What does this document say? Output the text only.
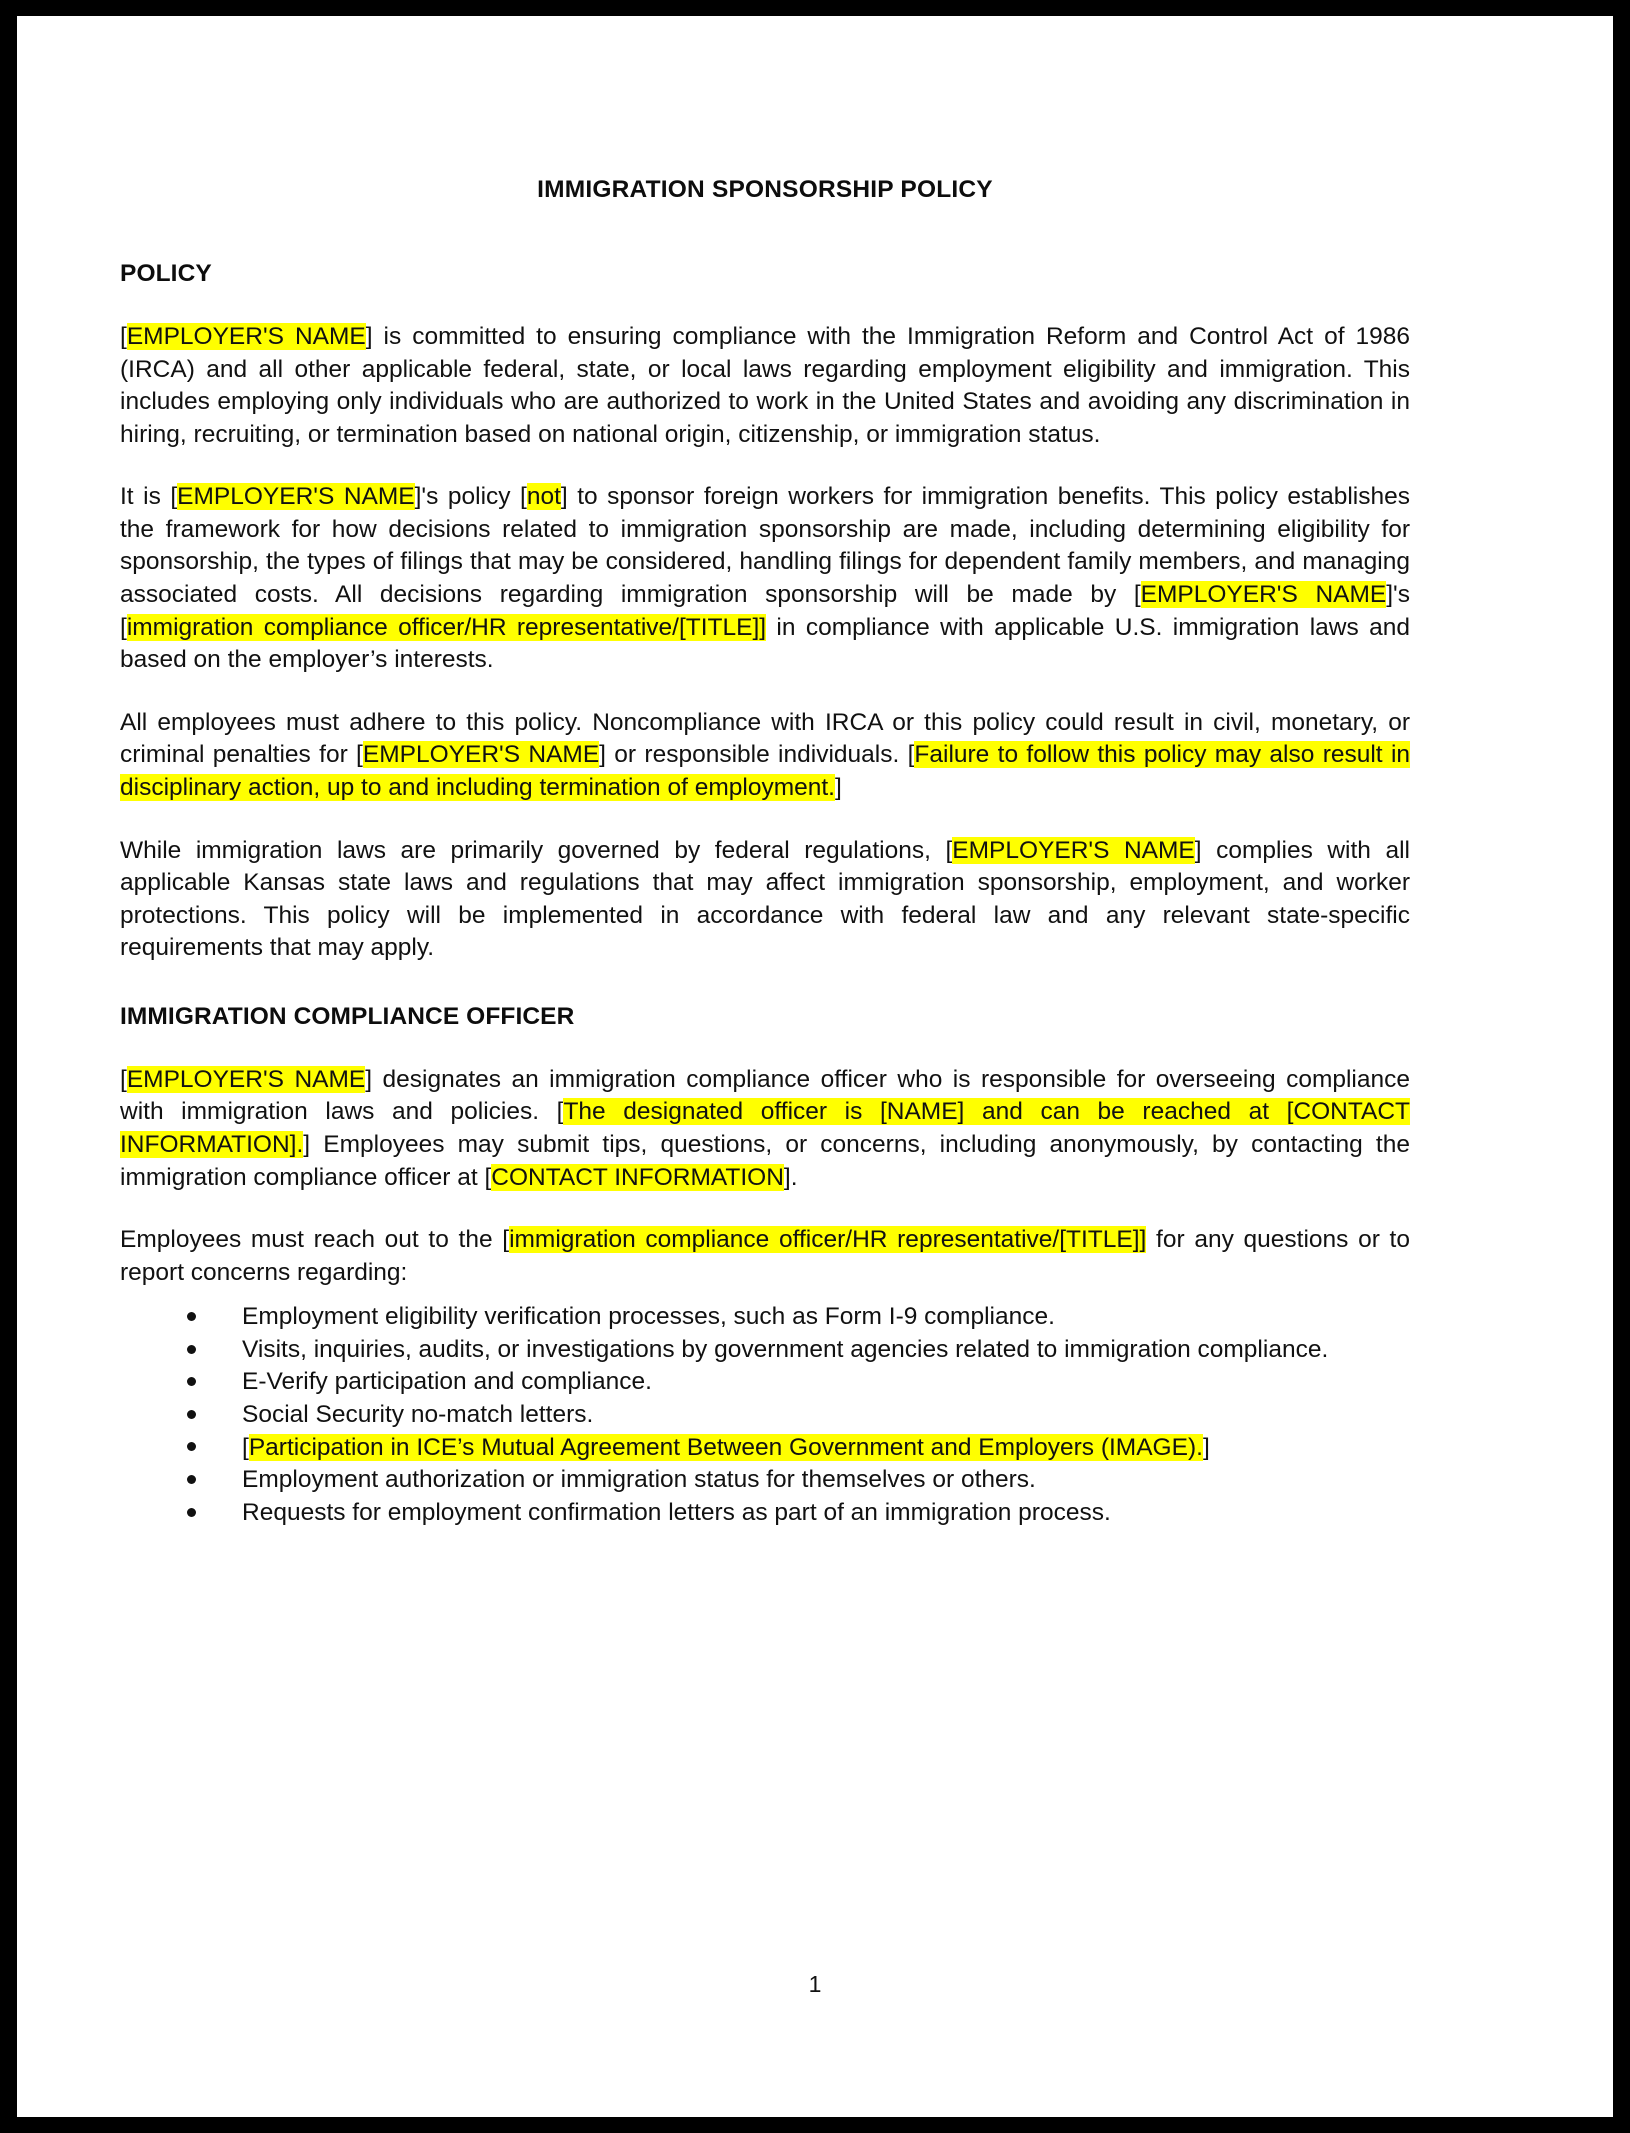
IMMIGRATION SPONSORSHIP POLICY
POLICY

[EMPLOYER'S NAME] is committed to ensuring compliance with the Immigration Reform and Control Act of 1986 (IRCA) and all other applicable federal, state, or local laws regarding employment eligibility and immigration. This includes employing only individuals who are authorized to work in the United States and avoiding any discrimination in hiring, recruiting, or termination based on national origin, citizenship, or immigration status.

It is [EMPLOYER'S NAME]'s policy [not] to sponsor foreign workers for immigration benefits. This policy establishes the framework for how decisions related to immigration sponsorship are made, including determining eligibility for sponsorship, the types of filings that may be considered, handling filings for dependent family members, and managing associated costs. All decisions regarding immigration sponsorship will be made by [EMPLOYER'S NAME]'s [immigration compliance officer/HR representative/[TITLE]] in compliance with applicable U.S. immigration laws and based on the employer’s interests.

All employees must adhere to this policy. Noncompliance with IRCA or this policy could result in civil, monetary, or criminal penalties for [EMPLOYER'S NAME] or responsible individuals. [Failure to follow this policy may also result in disciplinary action, up to and including termination of employment.]

While immigration laws are primarily governed by federal regulations, [EMPLOYER'S NAME] complies with all applicable Kansas state laws and regulations that may affect immigration sponsorship, employment, and worker protections. This policy will be implemented in accordance with federal law and any relevant state-specific requirements that may apply.

IMMIGRATION COMPLIANCE OFFICER

[EMPLOYER'S NAME] designates an immigration compliance officer who is responsible for overseeing compliance with immigration laws and policies. [The designated officer is [NAME] and can be reached at [CONTACT INFORMATION].] Employees may submit tips, questions, or concerns, including anonymously, by contacting the immigration compliance officer at [CONTACT INFORMATION].

Employees must reach out to the [immigration compliance officer/HR representative/[TITLE]] for any questions or to report concerns regarding:

Employment eligibility verification processes, such as Form I-9 compliance.
Visits, inquiries, audits, or investigations by government agencies related to immigration compliance.
E-Verify participation and compliance.
Social Security no-match letters.
[Participation in ICE’s Mutual Agreement Between Government and Employers (IMAGE).]
Employment authorization or immigration status for themselves or others.
Requests for employment confirmation letters as part of an immigration process.
1
